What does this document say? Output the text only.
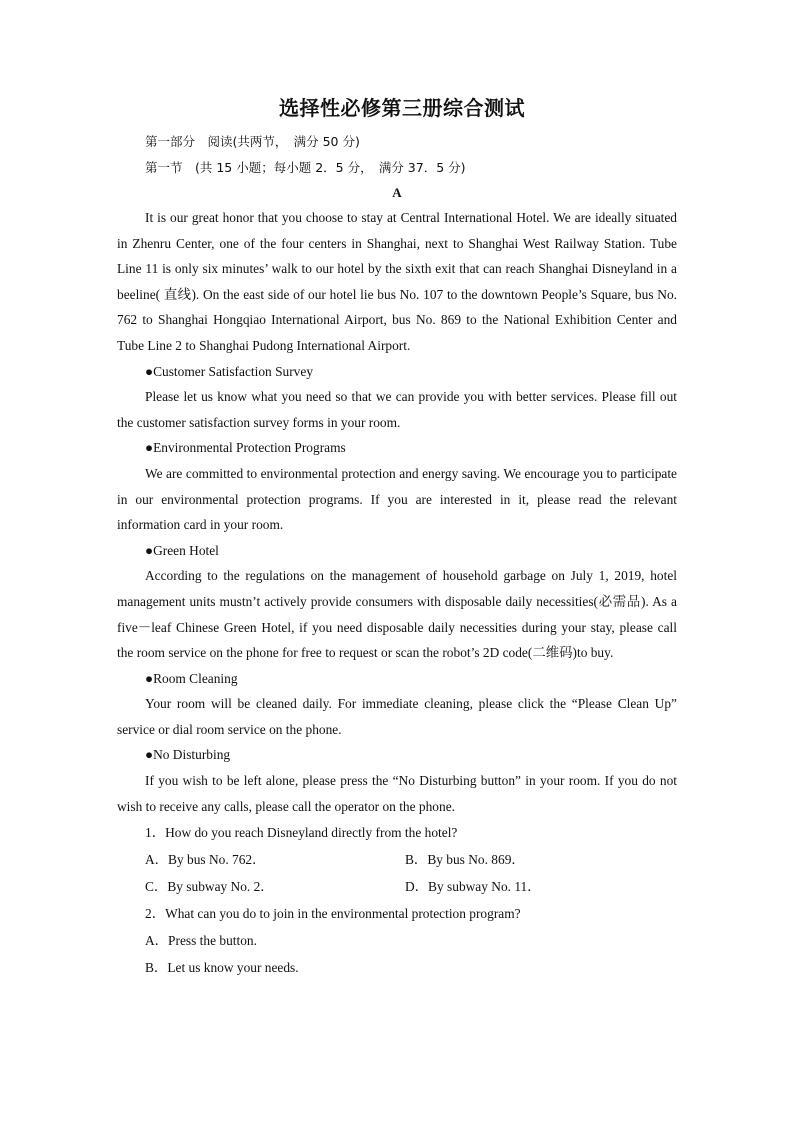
选择性必修第三册综合测试
第一部分　阅读(共两节，　满分 50 分)
第一节　(共 15 小题；每小题 2．5 分，　满分 37．5 分)
A

It is our great honor that you choose to stay at Central International Hotel. We are ideally situated in Zhenru Center, one of the four centers in Shanghai, next to Shanghai West Railway Station. Tube Line 11 is only six minutes’ walk to our hotel by the sixth exit that can reach Shanghai Disneyland in a beeline( 直线). On the east side of our hotel lie bus No. 107 to the downtown People’s Square, bus No. 762 to Shanghai Hongqiao International Airport, bus No. 869 to the National Exhibition Center and Tube Line 2 to Shanghai Pudong International Airport.

●Customer Satisfaction Survey

Please let us know what you need so that we can provide you with better services. Please fill out the customer satisfaction survey forms in your room.

●Environmental Protection Programs

We are committed to environmental protection and energy saving. We encourage you to participate in our environmental protection programs. If you are interested in it, please read the relevant information card in your room.

●Green Hotel

According to the regulations on the management of household garbage on July 1, 2019, hotel management units mustn’t actively provide consumers with disposable daily necessities(必需品). As a five－leaf Chinese Green Hotel, if you need disposable daily necessities during your stay, please call the room service on the phone for free to request or scan the robot’s 2D code(二维码)to buy.

●Room Cleaning

Your room will be cleaned daily. For immediate cleaning, please click the “Please Clean Up” service or dial room service on the phone.

●No Disturbing

If you wish to be left alone, please press the “No Disturbing button” in your room. If you do not wish to receive any calls, please call the operator on the phone.

1．How do you reach Disneyland directly from the hotel?
A．By bus No. 762．	B．By bus No. 869．
C．By subway No. 2．	D．By subway No. 11．
2．What can you do to join in the environmental protection program?
A．Press the button.
B．Let us know your needs.
